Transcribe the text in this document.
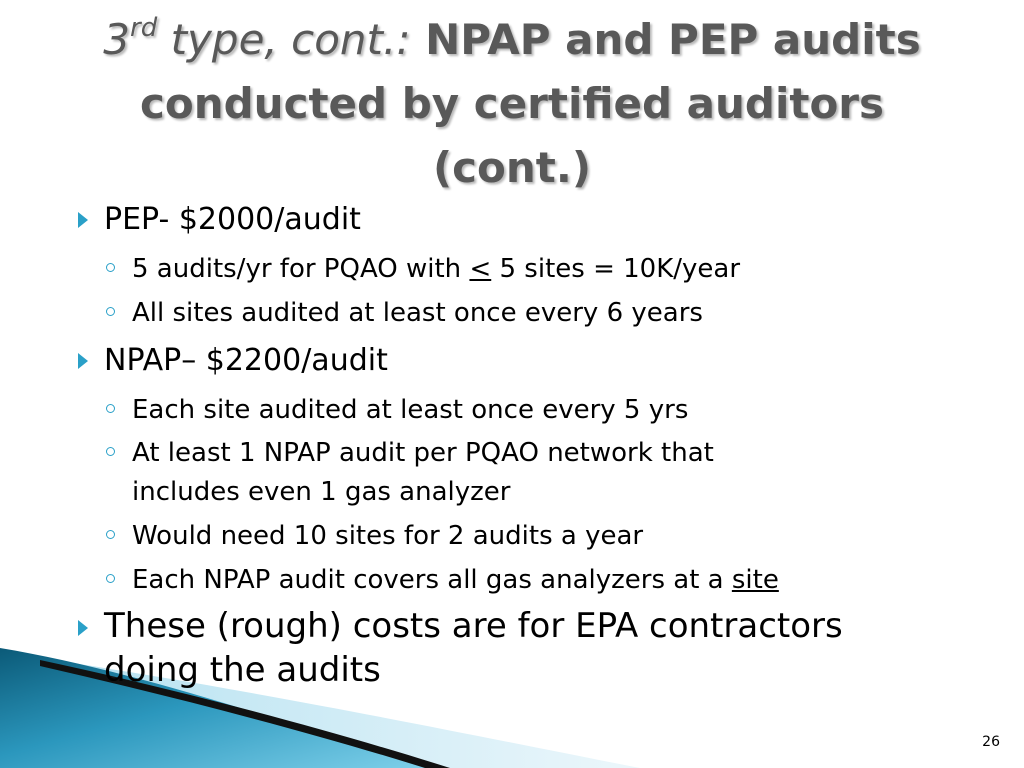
3rd type, cont.: NPAP and PEP audits
conducted by certified auditors
(cont.)
PEP- $2000/audit
5 audits/yr for PQAO with < 5 sites = 10K/year
All sites audited at least once every 6 years
NPAP– $2200/audit
Each site audited at least once every 5 yrs
At least 1 NPAP audit per PQAO network that
includes even 1 gas analyzer
Would need 10 sites for 2 audits a year
Each NPAP audit covers all gas analyzers at a site
These (rough) costs are for EPA contractors
doing the audits
26
